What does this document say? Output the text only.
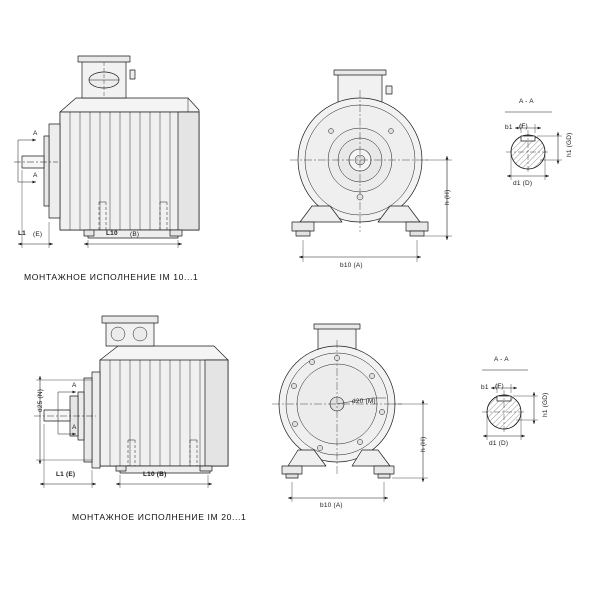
A
A
L1 (E)	L10 (B)
b10 (A)
h (H)
A - A
b1 (F)
h1 (GD)
d1 (D)
МОНТАЖНОЕ ИСПОЛНЕНИЕ IM 10...1
A
A
d25 (N)
L1 (E)	L10 (B)
b10 (A)
h (H)
d20 (M)
A - A
b1 (F)
h1 (GD)
d1 (D)
МОНТАЖНОЕ ИСПОЛНЕНИЕ IM 20...1
